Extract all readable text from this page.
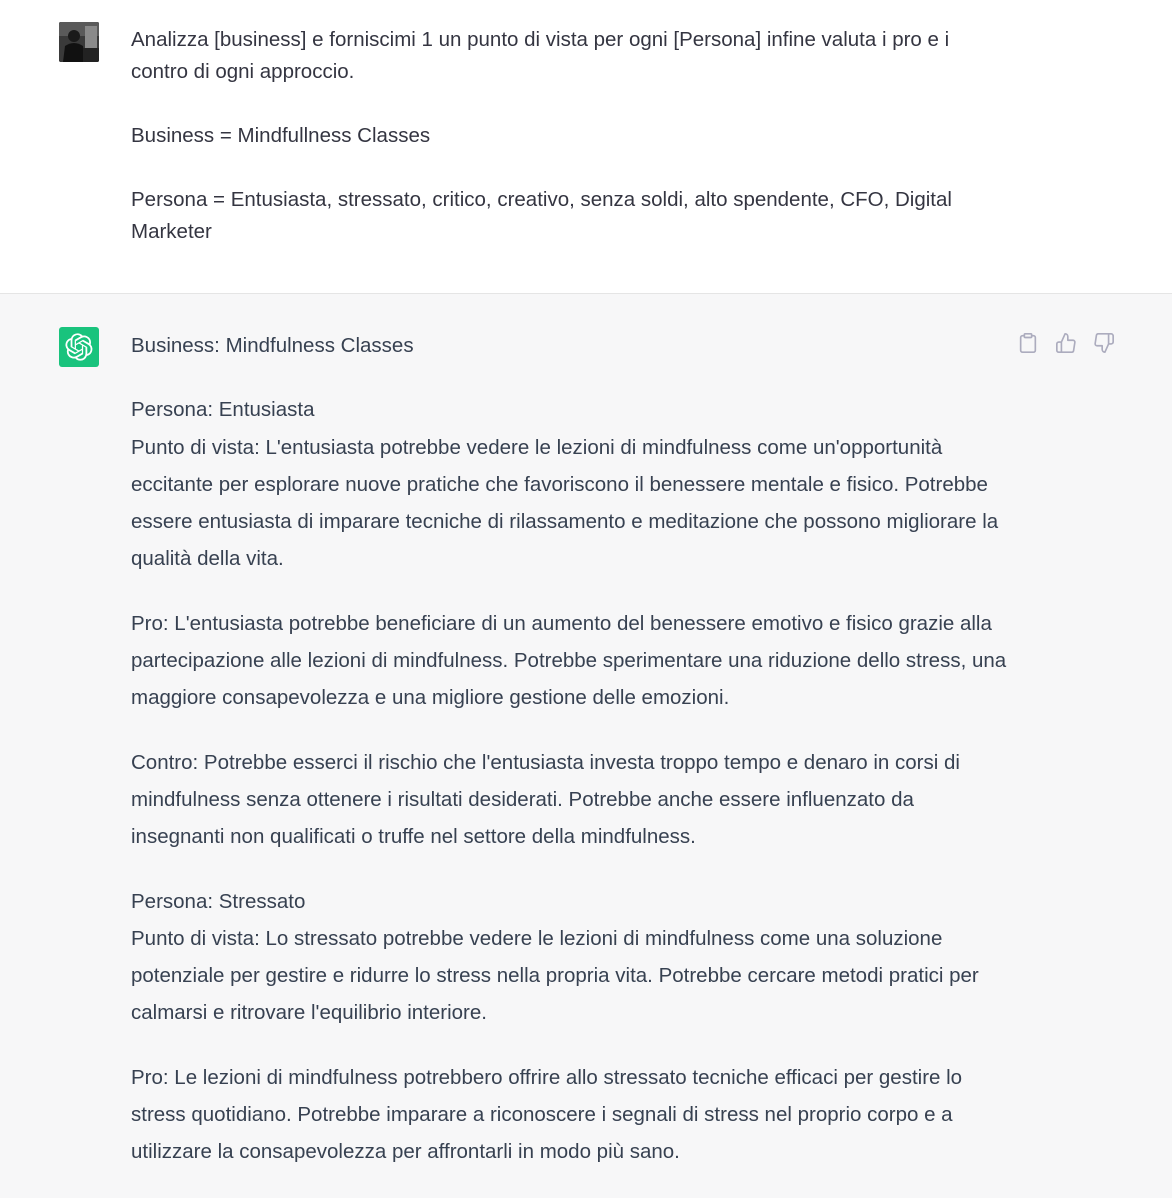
Analizza [business] e forniscimi 1 un punto di vista per ogni [Persona] infine valuta i pro e i contro di ogni approccio.

Business = Mindfullness Classes

Persona = Entusiasta, stressato, critico, creativo, senza soldi, alto spendente, CFO, Digital Marketer

Business: Mindfulness Classes

Persona: Entusiasta
Punto di vista: L'entusiasta potrebbe vedere le lezioni di mindfulness come un'opportunità eccitante per esplorare nuove pratiche che favoriscono il benessere mentale e fisico. Potrebbe essere entusiasta di imparare tecniche di rilassamento e meditazione che possono migliorare la qualità della vita.

Pro: L'entusiasta potrebbe beneficiare di un aumento del benessere emotivo e fisico grazie alla partecipazione alle lezioni di mindfulness. Potrebbe sperimentare una riduzione dello stress, una maggiore consapevolezza e una migliore gestione delle emozioni.

Contro: Potrebbe esserci il rischio che l'entusiasta investa troppo tempo e denaro in corsi di mindfulness senza ottenere i risultati desiderati. Potrebbe anche essere influenzato da insegnanti non qualificati o truffe nel settore della mindfulness.

Persona: Stressato
Punto di vista: Lo stressato potrebbe vedere le lezioni di mindfulness come una soluzione potenziale per gestire e ridurre lo stress nella propria vita. Potrebbe cercare metodi pratici per calmarsi e ritrovare l'equilibrio interiore.

Pro: Le lezioni di mindfulness potrebbero offrire allo stressato tecniche efficaci per gestire lo stress quotidiano. Potrebbe imparare a riconoscere i segnali di stress nel proprio corpo e a utilizzare la consapevolezza per affrontarli in modo più sano.
